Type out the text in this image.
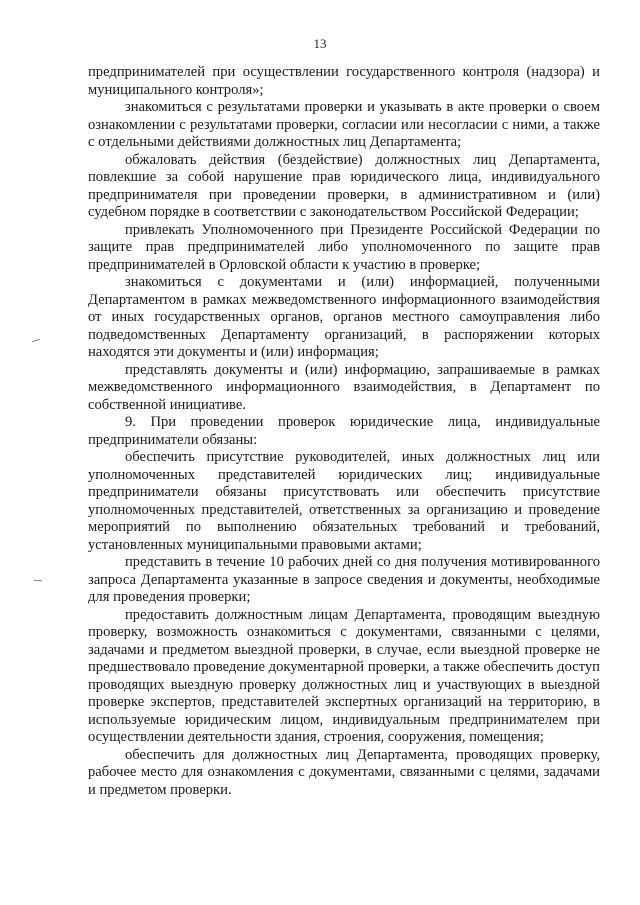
13

предпринимателей при осуществлении государственного контроля (надзора) и муниципального контроля»;

знакомиться с результатами проверки и указывать в акте проверки о своем ознакомлении с результатами проверки, согласии или несогласии с ними, а также с отдельными действиями должностных лиц Департамента;

обжаловать действия (бездействие) должностных лиц Департамента, повлекшие за собой нарушение прав юридического лица, индивидуального предпринимателя при проведении проверки, в административном и (или) судебном порядке в соответствии с законодательством Российской Федерации;

привлекать Уполномоченного при Президенте Российской Федерации по защите прав предпринимателей либо уполномоченного по защите прав предпринимателей в Орловской области к участию в проверке;

знакомиться с документами и (или) информацией, полученными Департаментом в рамках межведомственного информационного взаимодействия от иных государственных органов, органов местного самоуправления либо подведомственных Департаменту организаций, в распоряжении которых находятся эти документы и (или) информация;

представлять документы и (или) информацию, запрашиваемые в рамках межведомственного информационного взаимодействия, в Департамент по собственной инициативе.

9. При проведении проверок юридические лица, индивидуальные предприниматели обязаны:

обеспечить присутствие руководителей, иных должностных лиц или уполномоченных представителей юридических лиц; индивидуальные предприниматели обязаны присутствовать или обеспечить присутствие уполномоченных представителей, ответственных за организацию и проведение мероприятий по выполнению обязательных требований и требований, установленных муниципальными правовыми актами;

представить в течение 10 рабочих дней со дня получения мотивированного запроса Департамента указанные в запросе сведения и документы, необходимые для проведения проверки;

предоставить должностным лицам Департамента, проводящим выездную проверку, возможность ознакомиться с документами, связанными с целями, задачами и предметом выездной проверки, в случае, если выездной проверке не предшествовало проведение документарной проверки, а также обеспечить доступ проводящих выездную проверку должностных лиц и участвующих в выездной проверке экспертов, представителей экспертных организаций на территорию, в используемые юридическим лицом, индивидуальным предпринимателем при осуществлении деятельности здания, строения, сооружения, помещения;

обеспечить для должностных лиц Департамента, проводящих проверку, рабочее место для ознакомления с документами, связанными с целями, задачами и предметом проверки.
